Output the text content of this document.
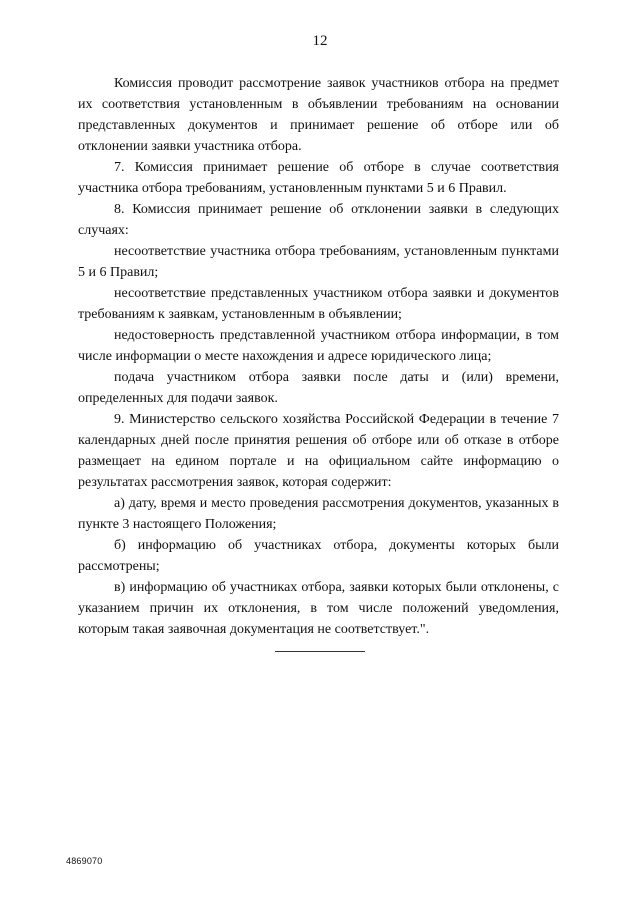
12

Комиссия проводит рассмотрение заявок участников отбора на предмет их соответствия установленным в объявлении требованиям на основании представленных документов и принимает решение об отборе или об отклонении заявки участника отбора.

7. Комиссия принимает решение об отборе в случае соответствия участника отбора требованиям, установленным пунктами 5 и 6 Правил.

8. Комиссия принимает решение об отклонении заявки в следующих случаях:

несоответствие участника отбора требованиям, установленным пунктами 5 и 6 Правил;

несоответствие представленных участником отбора заявки и документов требованиям к заявкам, установленным в объявлении;

недостоверность представленной участником отбора информации, в том числе информации о месте нахождения и адресе юридического лица;

подача участником отбора заявки после даты и (или) времени, определенных для подачи заявок.

9. Министерство сельского хозяйства Российской Федерации в течение 7 календарных дней после принятия решения об отборе или об отказе в отборе размещает на едином портале и на официальном сайте информацию о результатах рассмотрения заявок, которая содержит:

а) дату, время и место проведения рассмотрения документов, указанных в пункте 3 настоящего Положения;

б) информацию об участниках отбора, документы которых были рассмотрены;

в) информацию об участниках отбора, заявки которых были отклонены, с указанием причин их отклонения, в том числе положений уведомления, которым такая заявочная документация не соответствует.".

4869070
